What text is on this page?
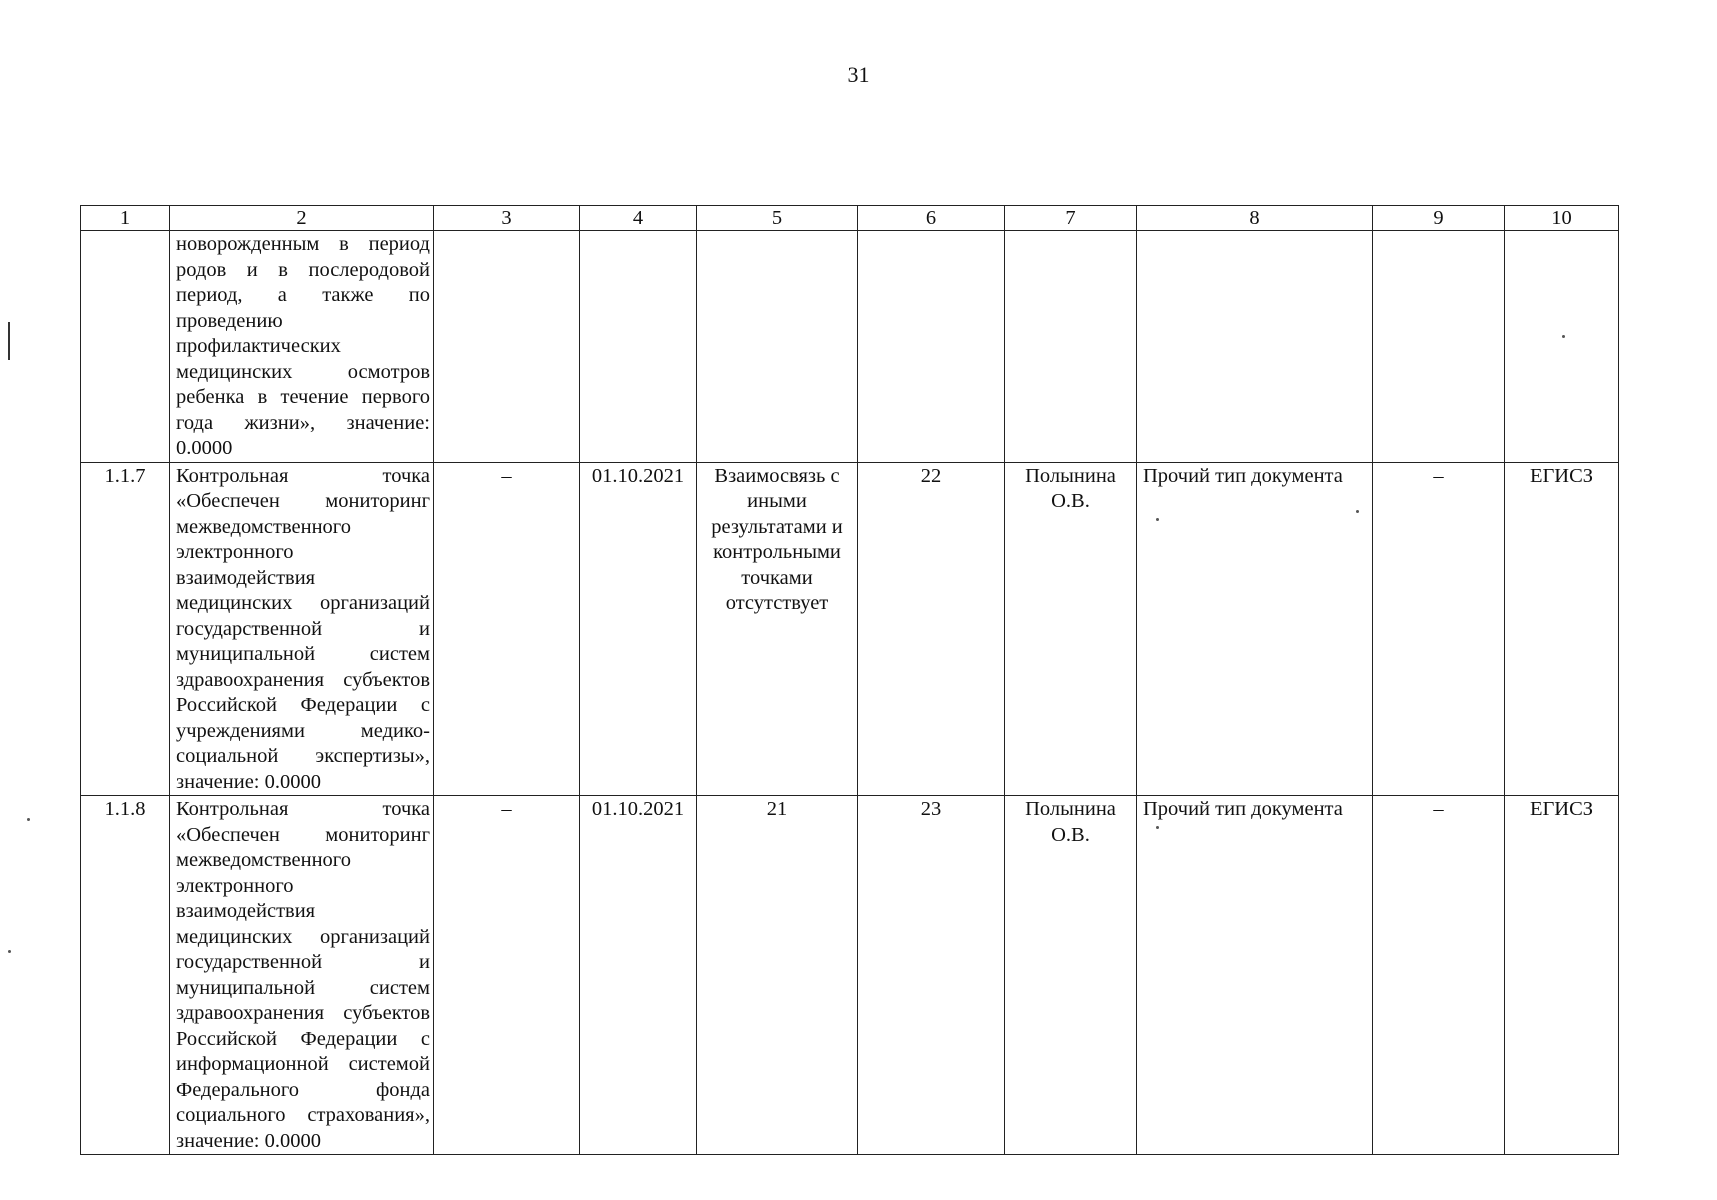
31
1	2	3	4	5	6	7	8	9	10
	новорожденным в период родов и в послеродовой период, а также по проведению профилактических медицинских осмотров ребенка в течение первого года жизни», значение: 0.0000								
1.1.7	Контрольная точка «Обеспечен мониторинг межведомственного электронного взаимодействия медицинских организаций государственной и муниципальной систем здравоохранения субъектов Российской Федерации с учреждениями медико-социальной экспертизы», значение: 0.0000	–	01.10.2021	Взаимосвязь с иными результатами и контрольными точками отсутствует	22	Полынина О.В.	Прочий тип документа	–	ЕГИСЗ
1.1.8	Контрольная точка «Обеспечен мониторинг межведомственного электронного взаимодействия медицинских организаций государственной и муниципальной систем здравоохранения субъектов Российской Федерации с информационной системой Федерального фонда социального страхования», значение: 0.0000	–	01.10.2021	21	23	Полынина О.В.	Прочий тип документа	–	ЕГИСЗ
